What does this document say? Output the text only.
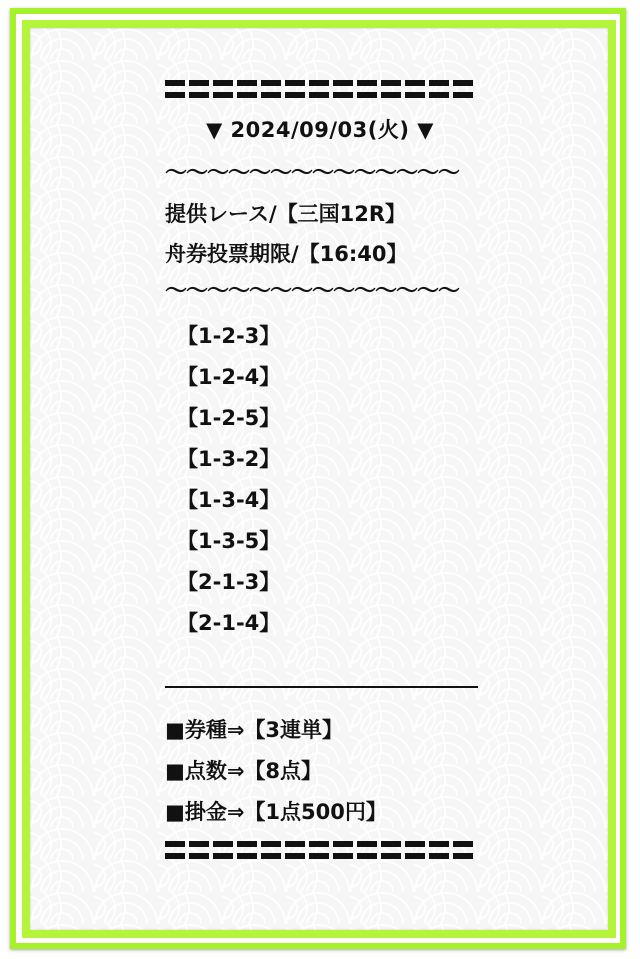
▼ 2024/09/03(火) ▼
〜〜〜〜〜〜〜〜〜〜〜〜〜〜
提供レース/【三国12R】
舟券投票期限/【16:40】
〜〜〜〜〜〜〜〜〜〜〜〜〜〜
【1-2-3】
【1-2-4】
【1-2-5】
【1-3-2】
【1-3-4】
【1-3-5】
【2-1-3】
【2-1-4】
■券種⇒【3連単】
■点数⇒【8点】
■掛金⇒【1点500円】
